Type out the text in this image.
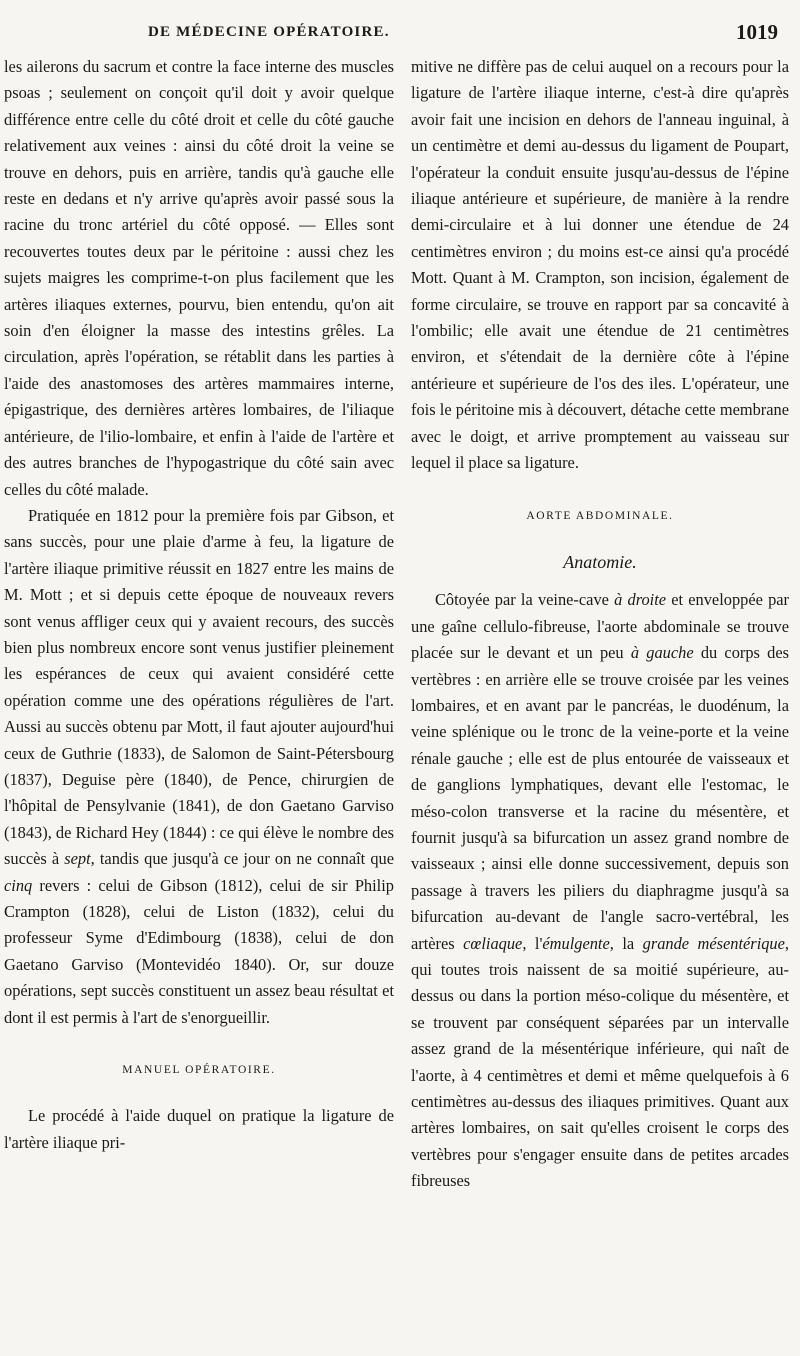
DE MÉDECINE OPÉRATOIRE.	1019

les ailerons du sacrum et contre la face interne des muscles psoas ; seulement on conçoit qu'il doit y avoir quelque différence entre celle du côté droit et celle du côté gauche relativement aux veines : ainsi du côté droit la veine se trouve en dehors, puis en arrière, tandis qu'à gauche elle reste en dedans et n'y arrive qu'après avoir passé sous la racine du tronc artériel du côté opposé. — Elles sont recouvertes toutes deux par le péritoine : aussi chez les sujets maigres les comprime-t-on plus facilement que les artères iliaques externes, pourvu, bien entendu, qu'on ait soin d'en éloigner la masse des intestins grêles. La circulation, après l'opération, se rétablit dans les parties à l'aide des anastomoses des artères mammaires interne, épigastrique, des dernières artères lombaires, de l'iliaque antérieure, de l'ilio-lombaire, et enfin à l'aide de l'artère et des autres branches de l'hypogastrique du côté sain avec celles du côté malade.

Pratiquée en 1812 pour la première fois par Gibson, et sans succès, pour une plaie d'arme à feu, la ligature de l'artère iliaque primitive réussit en 1827 entre les mains de M. Mott ; et si depuis cette époque de nouveaux revers sont venus affliger ceux qui y avaient recours, des succès bien plus nombreux encore sont venus justifier pleinement les espérances de ceux qui avaient considéré cette opération comme une des opérations régulières de l'art. Aussi au succès obtenu par Mott, il faut ajouter aujourd'hui ceux de Guthrie (1833), de Salomon de Saint-Pétersbourg (1837), Deguise père (1840), de Pence, chirurgien de l'hôpital de Pensylvanie (1841), de don Gaetano Garviso (1843), de Richard Hey (1844) : ce qui élève le nombre des succès à sept, tandis que jusqu'à ce jour on ne connaît que cinq revers : celui de Gibson (1812), celui de sir Philip Crampton (1828), celui de Liston (1832), celui du professeur Syme d'Edimbourg (1838), celui de don Gaetano Garviso (Montevidéo 1840). Or, sur douze opérations, sept succès constituent un assez beau résultat et dont il est permis à l'art de s'enorgueillir.

MANUEL OPÉRATOIRE.

Le procédé à l'aide duquel on pratique la ligature de l'artère iliaque pri-

mitive ne diffère pas de celui auquel on a recours pour la ligature de l'artère iliaque interne, c'est-à dire qu'après avoir fait une incision en dehors de l'anneau inguinal, à un centimètre et demi au-dessus du ligament de Poupart, l'opérateur la conduit ensuite jusqu'au-dessus de l'épine iliaque antérieure et supérieure, de manière à la rendre demi-circulaire et à lui donner une étendue de 24 centimètres environ ; du moins est-ce ainsi qu'a procédé Mott. Quant à M. Crampton, son incision, également de forme circulaire, se trouve en rapport par sa concavité à l'ombilic; elle avait une étendue de 21 centimètres environ, et s'étendait de la dernière côte à l'épine antérieure et supérieure de l'os des iles. L'opérateur, une fois le péritoine mis à découvert, détache cette membrane avec le doigt, et arrive promptement au vaisseau sur lequel il place sa ligature.

AORTE ABDOMINALE.

Anatomie.

Côtoyée par la veine-cave à droite et enveloppée par une gaîne cellulo-fibreuse, l'aorte abdominale se trouve placée sur le devant et un peu à gauche du corps des vertèbres : en arrière elle se trouve croisée par les veines lombaires, et en avant par le pancréas, le duodénum, la veine splénique ou le tronc de la veine-porte et la veine rénale gauche ; elle est de plus entourée de vaisseaux et de ganglions lymphatiques, devant elle l'estomac, le méso-colon transverse et la racine du mésentère, et fournit jusqu'à sa bifurcation un assez grand nombre de vaisseaux ; ainsi elle donne successivement, depuis son passage à travers les piliers du diaphragme jusqu'à sa bifurcation au-devant de l'angle sacro-vertébral, les artères cœliaque, l'émulgente, la grande mésentérique, qui toutes trois naissent de sa moitié supérieure, au-dessus ou dans la portion méso-colique du mésentère, et se trouvent par conséquent séparées par un intervalle assez grand de la mésentérique inférieure, qui naît de l'aorte, à 4 centimètres et demi et même quelquefois à 6 centimètres au-dessus des iliaques primitives. Quant aux artères lombaires, on sait qu'elles croisent le corps des vertèbres pour s'engager ensuite dans de petites arcades fibreuses
